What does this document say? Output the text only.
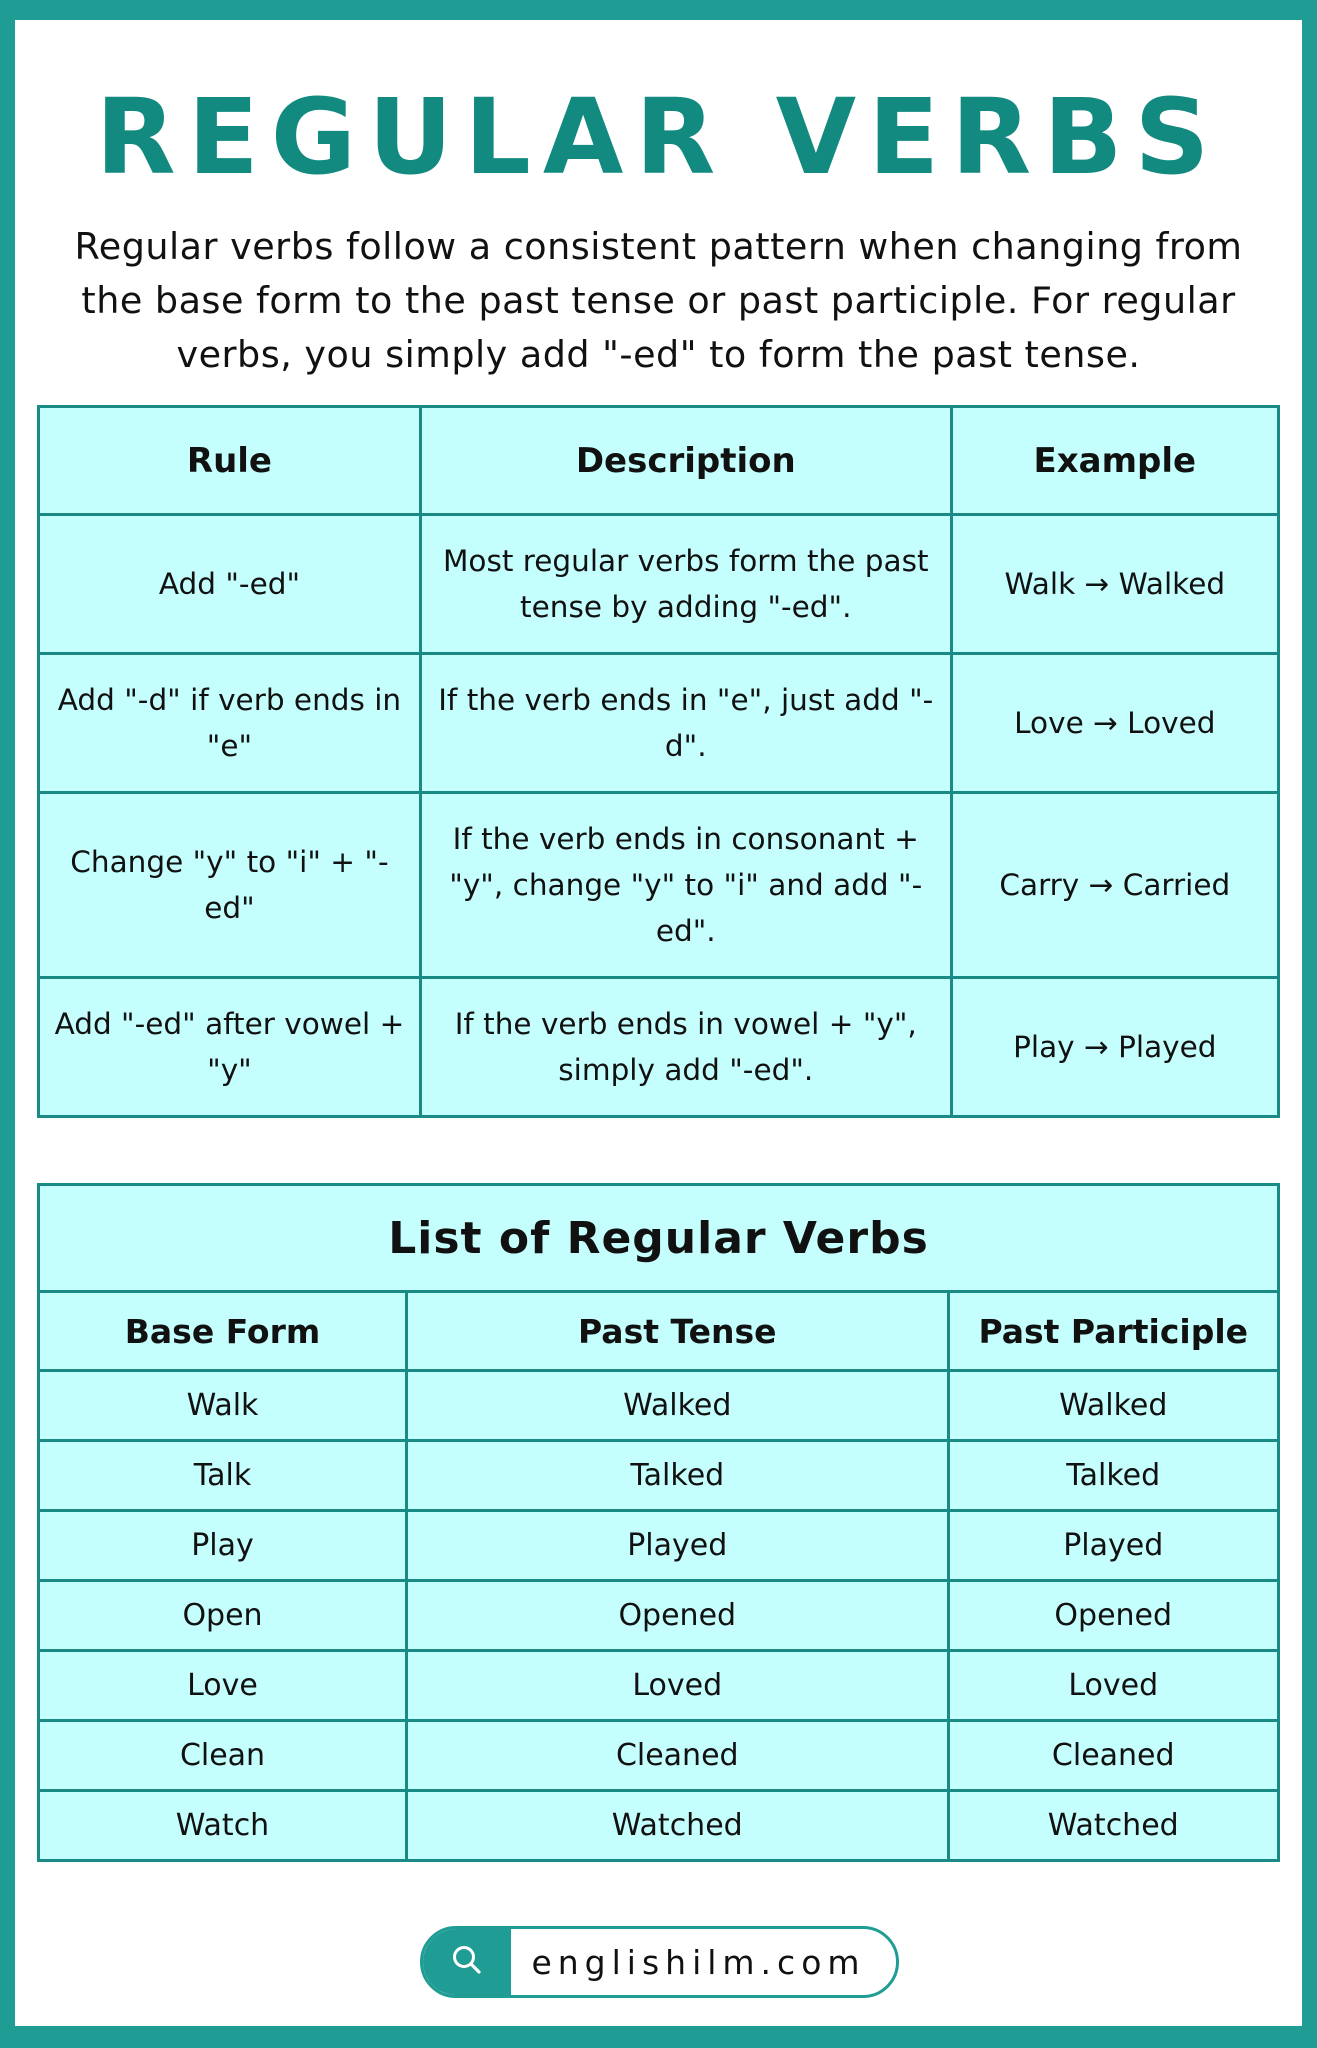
REGULAR VERBS
Regular verbs follow a consistent pattern when changing from the base form to the past tense or past participle. For regular verbs, you simply add "-ed" to form the past tense.
Rule	Description	Example
Add "-ed"	Most regular verbs form the past tense by adding "-ed".	Walk → Walked
Add "-d" if verb ends in "e"	If the verb ends in "e", just add "-d".	Love → Loved
Change "y" to "i" + "-ed"	If the verb ends in consonant + "y", change "y" to "i" and add "-ed".	Carry → Carried
Add "-ed" after vowel + "y"	If the verb ends in vowel + "y", simply add "-ed".	Play → Played
List of Regular Verbs		
Base Form	Past Tense	Past Participle
Walk	Walked	Walked
Talk	Talked	Talked
Play	Played	Played
Open	Opened	Opened
Love	Loved	Loved
Clean	Cleaned	Cleaned
Watch	Watched	Watched
englishilm.com
